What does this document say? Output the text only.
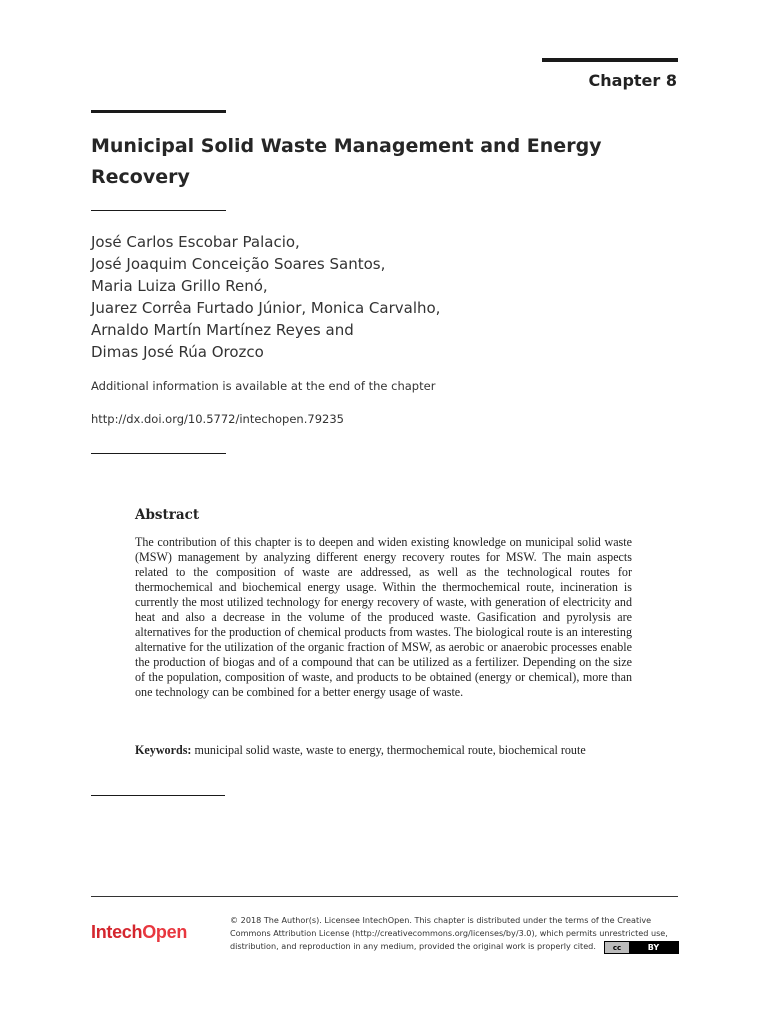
Chapter 8

Municipal Solid Waste Management and Energy Recovery
José Carlos Escobar Palacio,
José Joaquim Conceição Soares Santos,
Maria Luiza Grillo Renó,
Juarez Corrêa Furtado Júnior, Monica Carvalho,
Arnaldo Martín Martínez Reyes and
Dimas José Rúa Orozco

Additional information is available at the end of the chapter

http://dx.doi.org/10.5772/intechopen.79235

Abstract

The contribution of this chapter is to deepen and widen existing knowledge on municipal solid waste (MSW) management by analyzing different energy recovery routes for MSW. The main aspects related to the composition of waste are addressed, as well as the technological routes for thermochemical and biochemical energy usage. Within the thermochemical route, incineration is currently the most utilized technology for energy recovery of waste, with generation of electricity and heat and also a decrease in the volume of the produced waste. Gasification and pyrolysis are alternatives for the production of chemical products from wastes. The biological route is an interesting alternative for the utilization of the organic fraction of MSW, as aerobic or anaerobic processes enable the production of biogas and of a compound that can be utilized as a fertilizer. Depending on the size of the population, composition of waste, and products to be obtained (energy or chemical), more than one technology can be combined for a better energy usage of waste.

Keywords: municipal solid waste, waste to energy, thermochemical route, biochemical route

IntechOpen

© 2018 The Author(s). Licensee IntechOpen. This chapter is distributed under the terms of the Creative Commons Attribution License (http://creativecommons.org/licenses/by/3.0), which permits unrestricted use, distribution, and reproduction in any medium, provided the original work is properly cited.	cc	BY
